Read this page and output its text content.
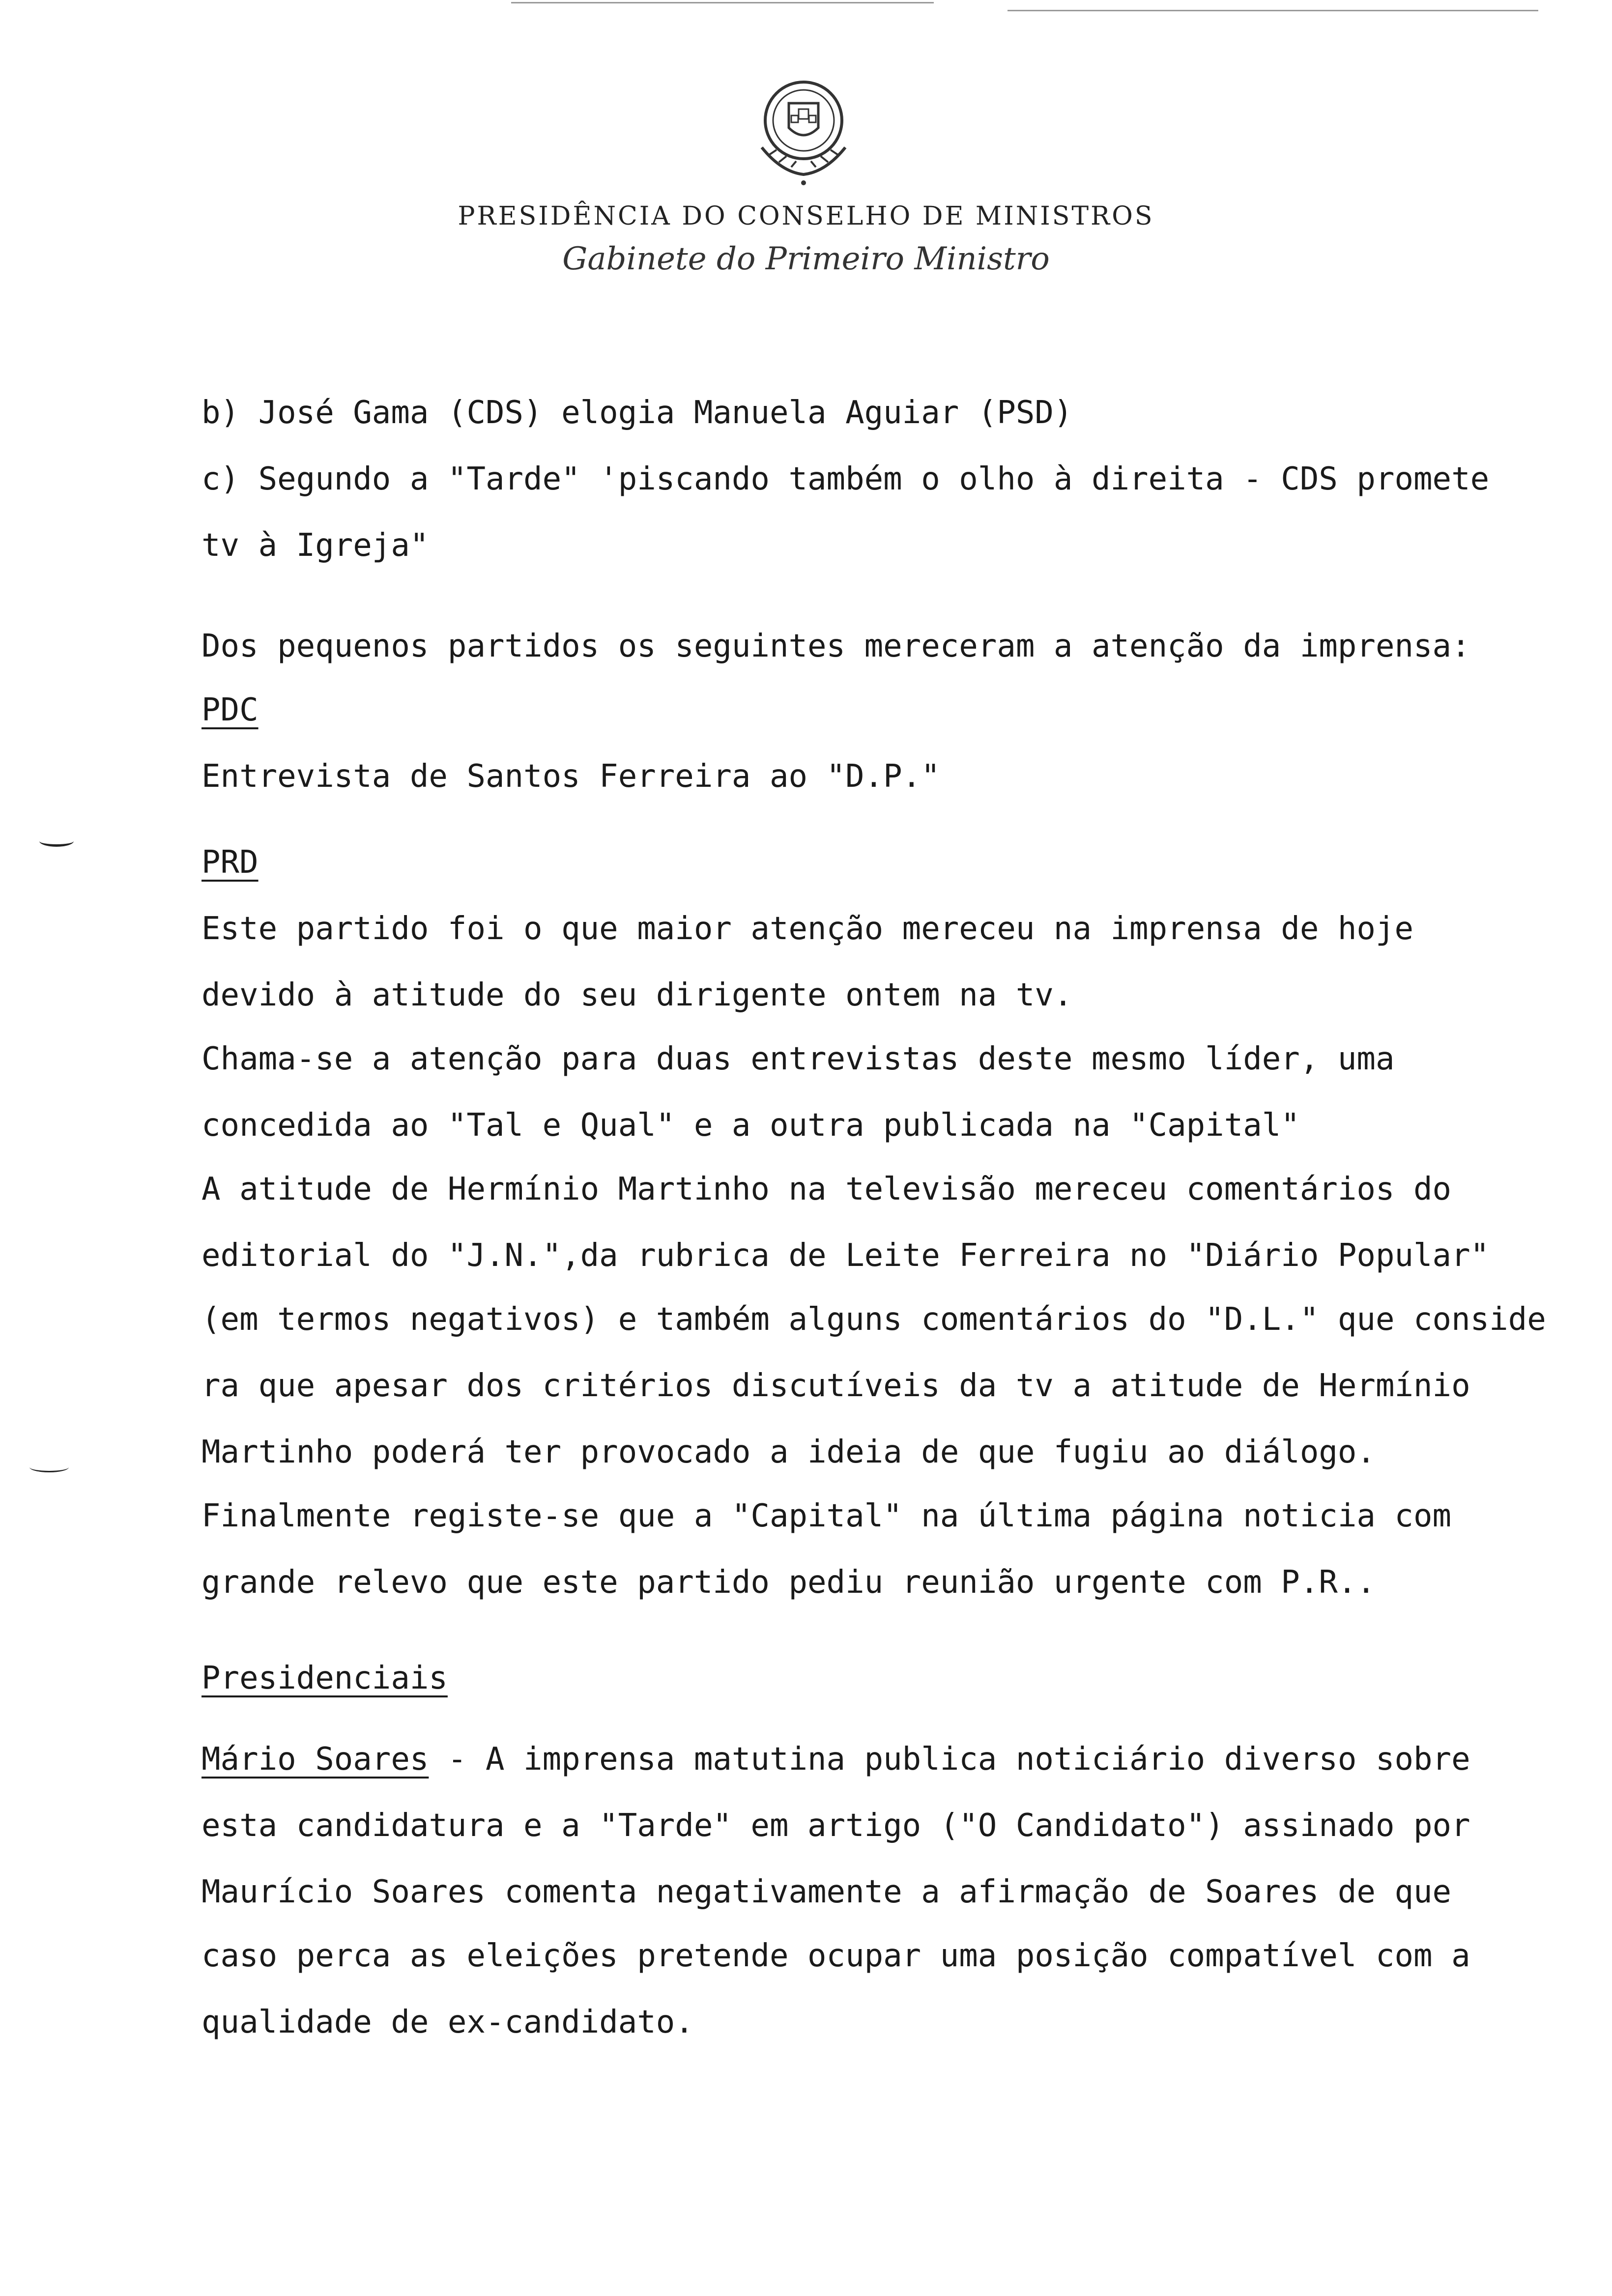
PRESIDÊNCIA DO CONSELHO DE MINISTROS
Gabinete do Primeiro Ministro
b) José Gama (CDS) elogia Manuela Aguiar (PSD)
c) Segundo a "Tarde" 'piscando também o olho à direita - CDS promete
tv à Igreja"
Dos pequenos partidos os seguintes mereceram a atenção da imprensa:
PDC
Entrevista de Santos Ferreira ao "D.P."
PRD
Este partido foi o que maior atenção mereceu na imprensa de hoje
devido à atitude do seu dirigente ontem na tv.
Chama-se a atenção para duas entrevistas deste mesmo líder, uma
concedida ao "Tal e Qual" e a outra publicada na "Capital"
A atitude de Hermínio Martinho na televisão mereceu comentários do
editorial do "J.N.",da rubrica de Leite Ferreira no "Diário Popular"
(em termos negativos) e também alguns comentários do "D.L." que conside
ra que apesar dos critérios discutíveis da tv a atitude de Hermínio
Martinho poderá ter provocado a ideia de que fugiu ao diálogo.
Finalmente registe-se que a "Capital" na última página noticia com
grande relevo que este partido pediu reunião urgente com P.R..
Presidenciais
Mário Soares - A imprensa matutina publica noticiário diverso sobre
esta candidatura e a "Tarde" em artigo ("O Candidato") assinado por
Maurício Soares comenta negativamente a afirmação de Soares de que
caso perca as eleições pretende ocupar uma posição compatível com a
qualidade de ex-candidato.
